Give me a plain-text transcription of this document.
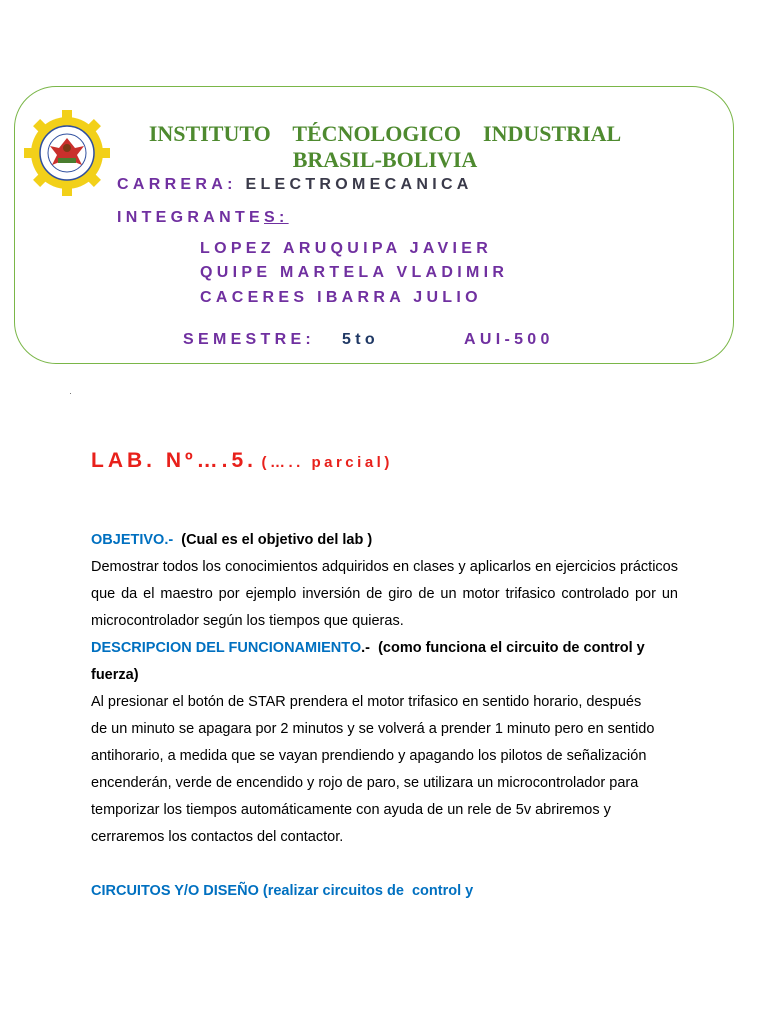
INSTITUTO    TÉCNOLOGICO    INDUSTRIAL
BRASIL-BOLIVIA
CARRERA: ELECTROMECANICA
INTEGRANTES:
LOPEZ ARUQUIPA JAVIER
QUIPE MARTELA VLADIMIR
CACERES IBARRA JULIO
SEMESTRE: 5to	AUI-500
LAB. Nº….5. (….. parcial)
OBJETIVO.- (Cual es el objetivo del lab )

Demostrar todos los conocimientos adquiridos en clases y aplicarlos en ejercicios prácticos que da el maestro por ejemplo inversión de giro de un motor trifasico controlado por un microcontrolador según los tiempos que quieras.

DESCRIPCION DEL FUNCIONAMIENTO.- (como funciona el circuito de control y fuerza)
Al presionar el botón de STAR prendera el motor trifasico en sentido horario, después
de un minuto se apagara por 2 minutos y se volverá a prender 1 minuto pero en sentido
antihorario, a medida que se vayan prendiendo y apagando los pilotos de señalización
encenderán, verde de encendido y rojo de paro, se utilizara un microcontrolador para
temporizar los tiempos automáticamente con ayuda de un rele de 5v abriremos y
cerraremos los contactos del contactor.
CIRCUITOS Y/O DISEÑO (realizar circuitos de  control y
